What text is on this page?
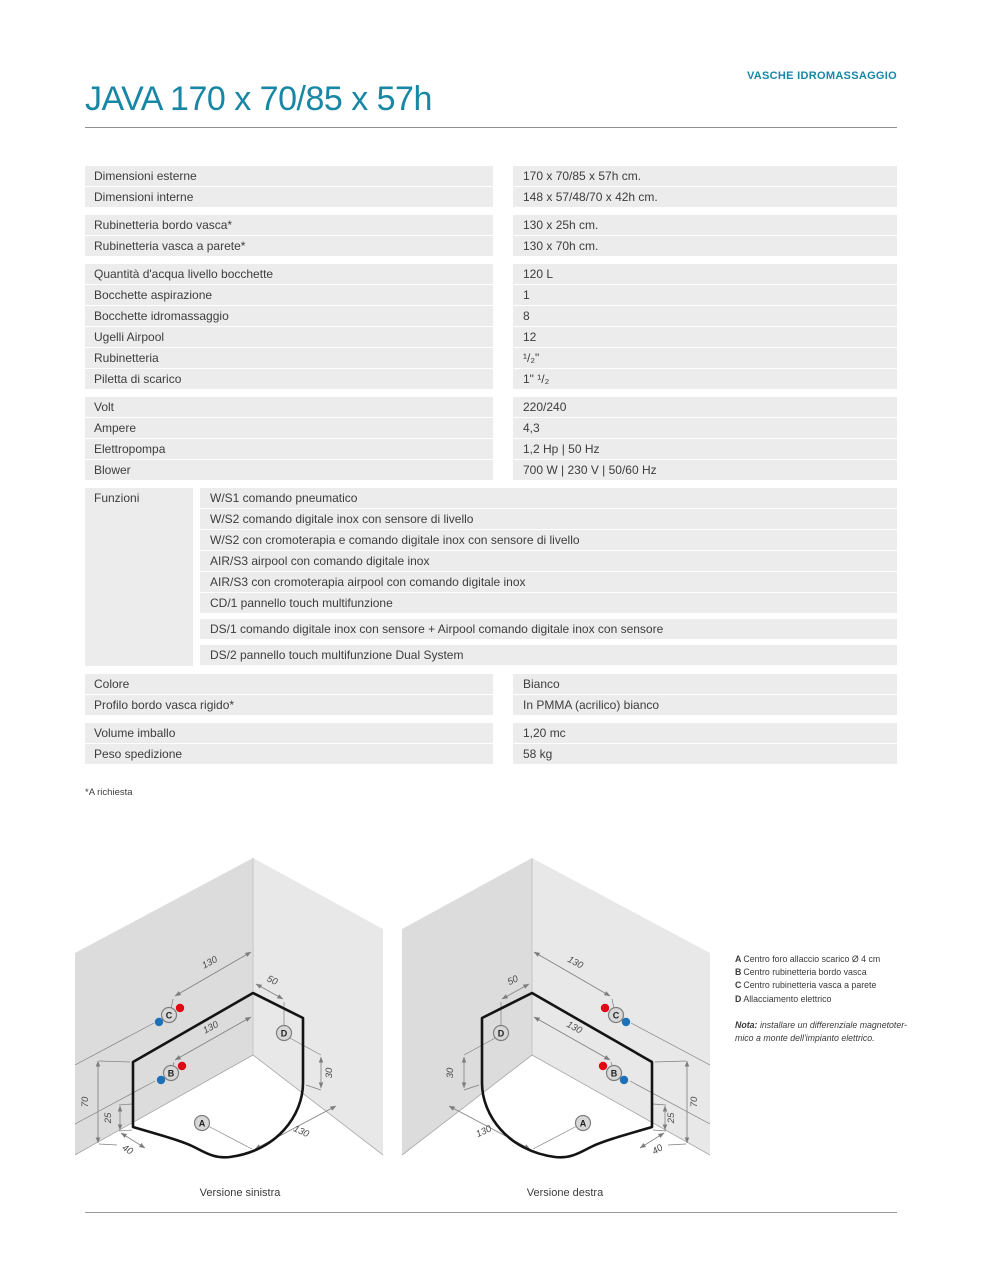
JAVA 170 x 70/85 x 57h
VASCHE IDROMASSAGGIO
Dimensioni esterne	170 x 70/85 x 57h cm.
Dimensioni interne	148 x 57/48/70 x 42h cm.
Rubinetteria bordo vasca*	130 x 25h cm.
Rubinetteria vasca a parete*	130 x 70h cm.
Quantità d'acqua livello bocchette	120 L
Bocchette aspirazione	1
Bocchette idromassaggio	8
Ugelli Airpool	12
Rubinetteria	¹/₂"
Piletta di scarico	1" ¹/₂
Volt	220/240
Ampere	4,3
Elettropompa	1,2 Hp | 50 Hz
Blower	700 W | 230 V | 50/60 Hz
Funzioni	W/S1 comando pneumatico
W/S2 comando digitale inox con sensore di livello
W/S2 con cromoterapia e comando digitale inox con sensore di livello
AIR/S3 airpool con comando digitale inox
AIR/S3 con cromoterapia airpool con comando digitale inox
CD/1 pannello touch multifunzione
DS/1 comando digitale inox con sensore + Airpool comando digitale inox con sensore
DS/2 pannello touch multifunzione Dual System
Colore	Bianco
Profilo bordo vasca rigido*	In PMMA (acrilico) bianco
Volume imballo	1,20 mc
Peso spedizione	58 kg
*A richiesta
130
50
130
30
130
40
25
70
C
B
D
A
130
50
130
30
130
40
25
70
C
B
D
A
A Centro foro allaccio scarico Ø 4 cm
B Centro rubinetteria bordo vasca
C Centro rubinetteria vasca a parete
D Allacciamento elettrico

Nota: installare un differenziale magnetoter-
mico a monte dell'impianto elettrico.

Versione sinistra	Versione destra
